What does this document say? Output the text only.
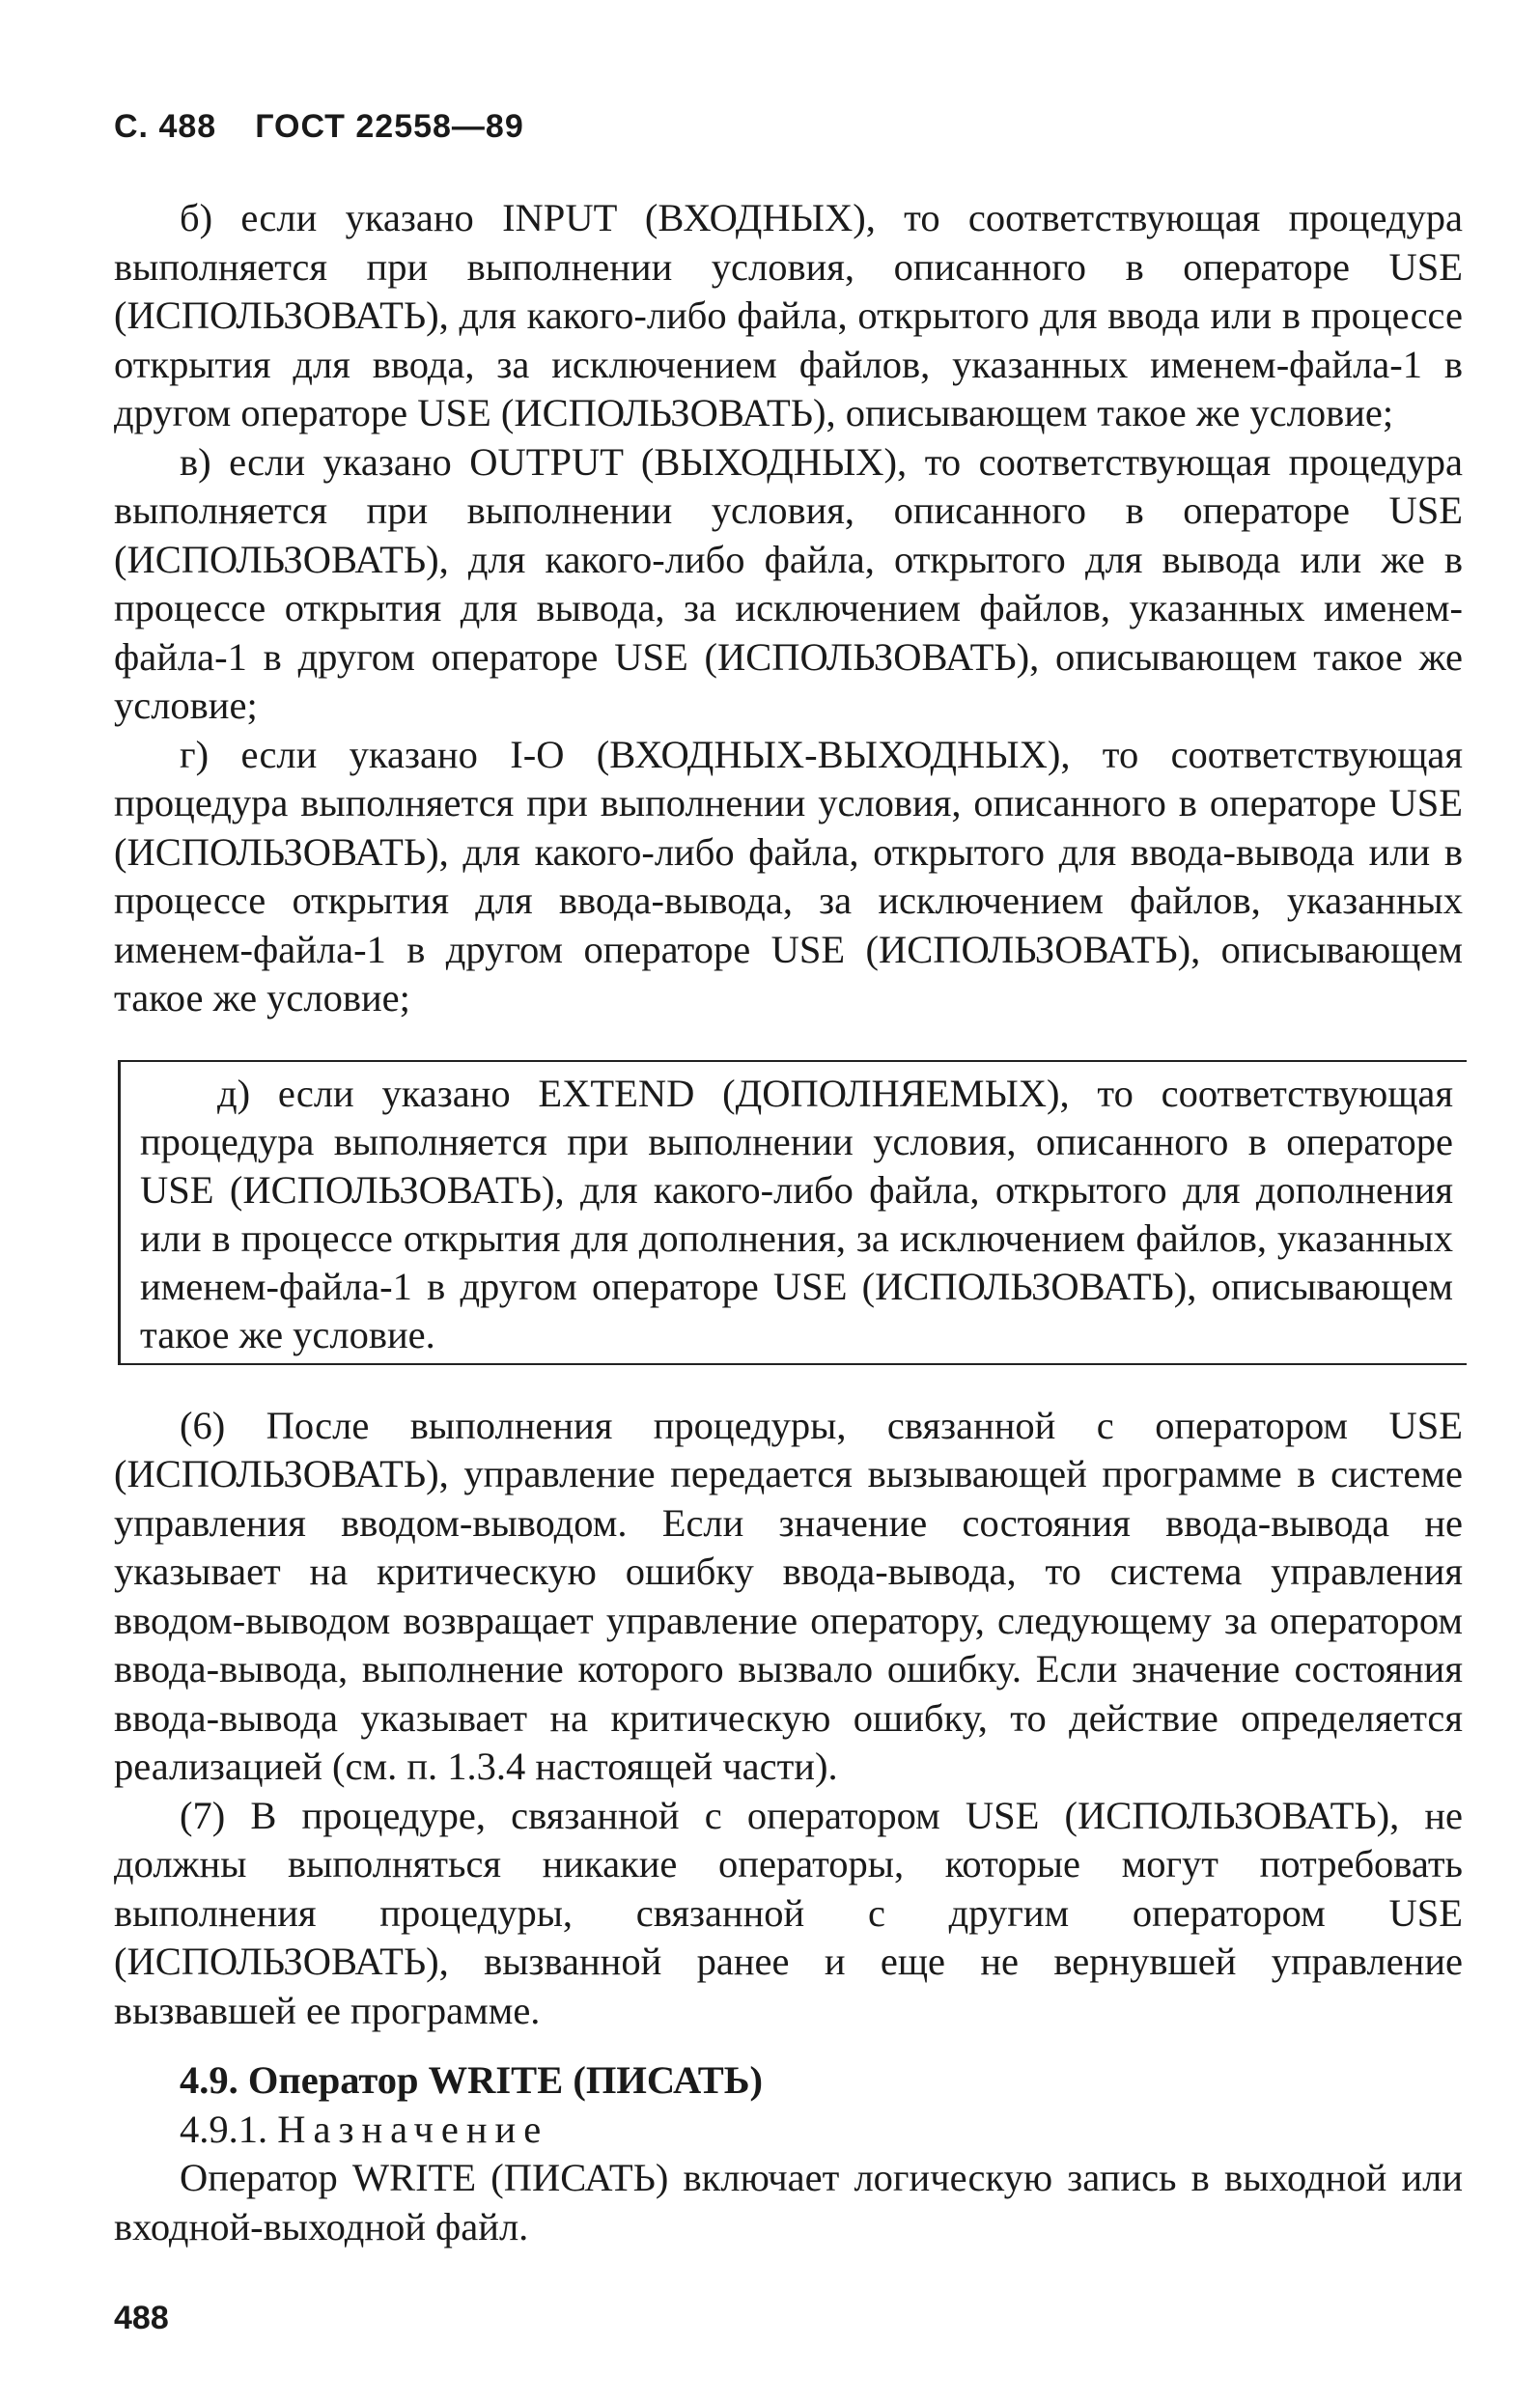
С. 488 ГОСТ 22558—89

б) если указано INPUT (ВХОДНЫХ), то соответствующая процедура выполняется при выполнении условия, описанного в операторе USE (ИСПОЛЬЗОВАТЬ), для какого-либо файла, открытого для ввода или в процессе открытия для ввода, за исключением файлов, указанных именем-файла-1 в другом операторе USE (ИСПОЛЬЗОВАТЬ), описывающем такое же условие;

в) если указано OUTPUT (ВЫХОДНЫХ), то соответствующая процедура выполняется при выполнении условия, описанного в операторе USE (ИСПОЛЬЗОВАТЬ), для какого-либо файла, открытого для вывода или же в процессе открытия для вывода, за исключением файлов, указанных именем-файла-1 в другом операторе USE (ИСПОЛЬЗОВАТЬ), описывающем такое же условие;

г) если указано I-O (ВХОДНЫХ-ВЫХОДНЫХ), то соответствующая процедура выполняется при выполнении условия, описанного в операторе USE (ИСПОЛЬЗОВАТЬ), для какого-либо файла, открытого для ввода-вывода или в процессе открытия для ввода-вывода, за исключением файлов, указанных именем-файла-1 в другом операторе USE (ИСПОЛЬЗОВАТЬ), описывающем такое же условие;

д) если указано EXTEND (ДОПОЛНЯЕМЫХ), то соответствующая процедура выполняется при выполнении условия, описанного в операторе USE (ИСПОЛЬЗОВАТЬ), для какого-либо файла, открытого для дополнения или в процессе открытия для дополнения, за исключением файлов, указанных именем-файла-1 в другом операторе USE (ИСПОЛЬЗОВАТЬ), описывающем такое же условие.

(6) После выполнения процедуры, связанной с оператором USE (ИСПОЛЬЗОВАТЬ), управление передается вызывающей программе в системе управления вводом-выводом. Если значение состояния ввода-вывода не указывает на критическую ошибку ввода-вывода, то система управления вводом-выводом возвращает управление оператору, следующему за оператором ввода-вывода, выполнение которого вызвало ошибку. Если значение состояния ввода-вывода указывает на критическую ошибку, то действие определяется реализацией (см. п. 1.3.4 настоящей части).

(7) В процедуре, связанной с оператором USE (ИСПОЛЬЗОВАТЬ), не должны выполняться никакие операторы, которые могут потребовать выполнения процедуры, связанной с другим оператором USE (ИСПОЛЬЗОВАТЬ), вызванной ранее и еще не вернувшей управление вызвавшей ее программе.

4.9. Оператор WRITE (ПИСАТЬ)
4.9.1. Назначение

Оператор WRITE (ПИСАТЬ) включает логическую запись в выходной или входной-выходной файл.

488
